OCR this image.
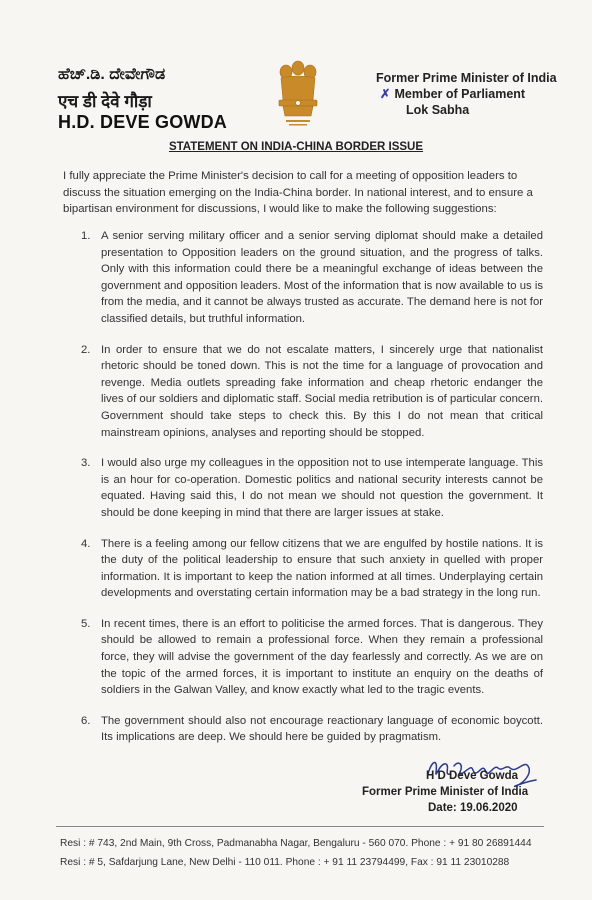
ಹೆಚ್.ಡಿ. ದೇವೇಗೌಡ
एच डी देवे गौड़ा
H.D. DEVE GOWDA
Former Prime Minister of India
✗ Member of Parliament
Lok Sabha
STATEMENT ON INDIA-CHINA BORDER ISSUE
I fully appreciate the Prime Minister's decision to call for a meeting of opposition leaders to discuss the situation emerging on the India-China border. In national interest, and to ensure a bipartisan environment for discussions, I would like to make the following suggestions:
1. A senior serving military officer and a senior serving diplomat should make a detailed presentation to Opposition leaders on the ground situation, and the progress of talks. Only with this information could there be a meaningful exchange of ideas between the government and opposition leaders. Most of the information that is now available to us is from the media, and it cannot be always trusted as accurate. The demand here is not for classified details, but truthful information.
2. In order to ensure that we do not escalate matters, I sincerely urge that nationalist rhetoric should be toned down. This is not the time for a language of provocation and revenge. Media outlets spreading fake information and cheap rhetoric endanger the lives of our soldiers and diplomatic staff. Social media retribution is of particular concern. Government should take steps to check this. By this I do not mean that critical mainstream opinions, analyses and reporting should be stopped.
3. I would also urge my colleagues in the opposition not to use intemperate language. This is an hour for co-operation. Domestic politics and national security interests cannot be equated. Having said this, I do not mean we should not question the government. It should be done keeping in mind that there are larger issues at stake.
4. There is a feeling among our fellow citizens that we are engulfed by hostile nations. It is the duty of the political leadership to ensure that such anxiety in quelled with proper information. It is important to keep the nation informed at all times. Underplaying certain developments and overstating certain information may be a bad strategy in the long run.
5. In recent times, there is an effort to politicise the armed forces. That is dangerous. They should be allowed to remain a professional force. When they remain a professional force, they will advise the government of the day fearlessly and correctly. As we are on the topic of the armed forces, it is important to institute an enquiry on the deaths of soldiers in the Galwan Valley, and know exactly what led to the tragic events.
6. The government should also not encourage reactionary language of economic boycott. Its implications are deep. We should here be guided by pragmatism.
H D Deve Gowda
Former Prime Minister of India
Date: 19.06.2020
Resi : # 743, 2nd Main, 9th Cross, Padmanabha Nagar, Bengaluru - 560 070. Phone : + 91 80 26891444
Resi : # 5, Safdarjung Lane, New Delhi - 110 011. Phone : + 91 11 23794499, Fax : 91 11 23010288
